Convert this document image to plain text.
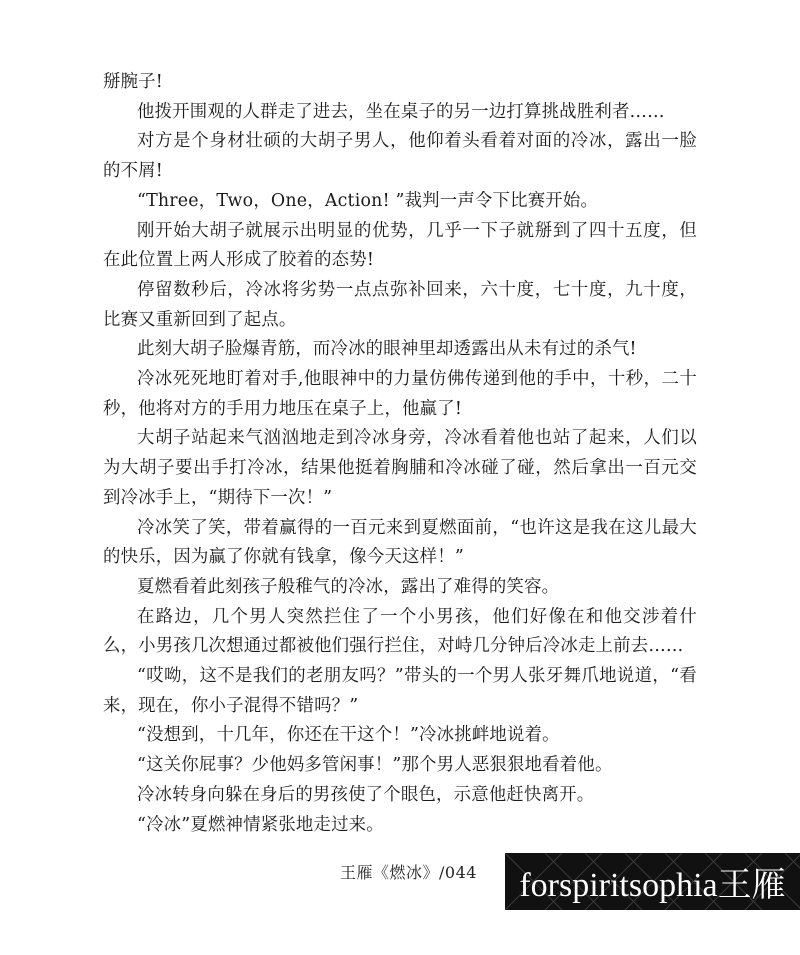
掰腕子!

他拨开围观的人群走了进去，坐在桌子的另一边打算挑战胜利者……

对方是个身材壮硕的大胡子男人，他仰着头看着对面的冷冰，露出一脸的不屑!

“Three，Two，One，Action! ”裁判一声令下比赛开始。

刚开始大胡子就展示出明显的优势，几乎一下子就掰到了四十五度，但在此位置上两人形成了胶着的态势!

停留数秒后，冷冰将劣势一点点弥补回来，六十度，七十度，九十度，比赛又重新回到了起点。

此刻大胡子脸爆青筋，而冷冰的眼神里却透露出从未有过的杀气!

冷冰死死地盯着对手,他眼神中的力量仿佛传递到他的手中，十秒，二十秒，他将对方的手用力地压在桌子上，他赢了!

大胡子站起来气汹汹地走到冷冰身旁，冷冰看着他也站了起来，人们以为大胡子要出手打冷冰，结果他挺着胸脯和冷冰碰了碰，然后拿出一百元交到冷冰手上，“期待下一次！”

冷冰笑了笑，带着赢得的一百元来到夏燃面前，“也许这是我在这儿最大的快乐，因为赢了你就有钱拿，像今天这样！”

夏燃看着此刻孩子般稚气的冷冰，露出了难得的笑容。

在路边，几个男人突然拦住了一个小男孩，他们好像在和他交涉着什么，小男孩几次想通过都被他们强行拦住，对峙几分钟后冷冰走上前去……

“哎呦，这不是我们的老朋友吗？”带头的一个男人张牙舞爪地说道，“看来，现在，你小子混得不错吗？”

“没想到，十几年，你还在干这个！”冷冰挑衅地说着。

“这关你屁事？少他妈多管闲事！”那个男人恶狠狠地看着他。

冷冰转身向躲在身后的男孩使了个眼色，示意他赶快离开。

“冷冰”夏燃神情紧张地走过来。

王雁《燃冰》/044 forspiritsophia王雁
